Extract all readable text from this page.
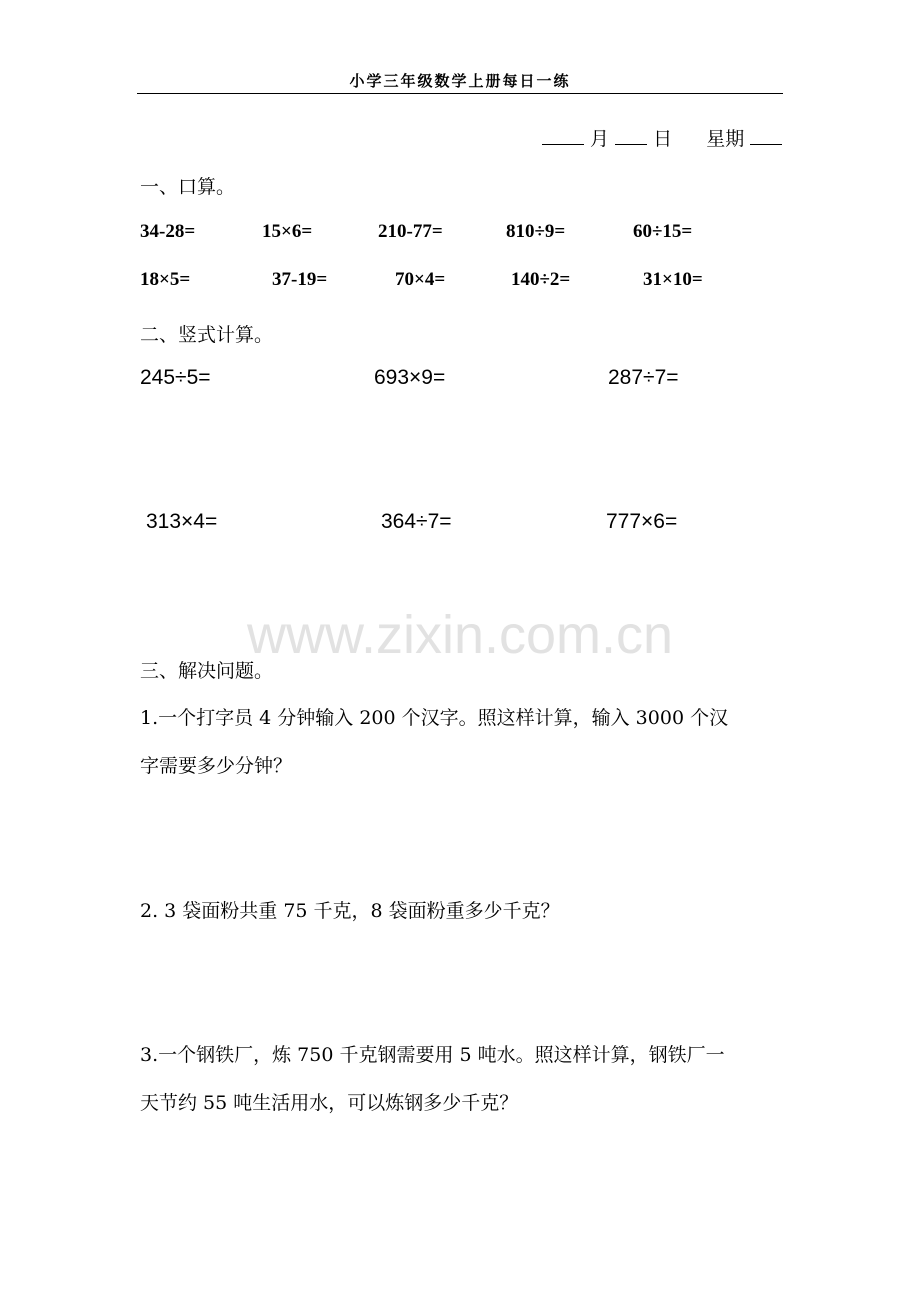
小学三年级数学上册每日一练
月 日 星期
一、口算。
34-28=	15×6=	210-77=	810÷9=	60÷15=
18×5=	37-19=	70×4=	140÷2=	31×10=
二、竖式计算。
245÷5=	693×9=	287÷7=
313×4=	364÷7=	777×6=
www.zixin.com.cn
三、解决问题。
1.一个打字员 4 分钟输入 200 个汉字。照这样计算，输入 3000 个汉
字需要多少分钟？
2. 3 袋面粉共重 75 千克，8 袋面粉重多少千克？
3.一个钢铁厂，炼 750 千克钢需要用 5 吨水。照这样计算，钢铁厂一
天节约 55 吨生活用水，可以炼钢多少千克？
